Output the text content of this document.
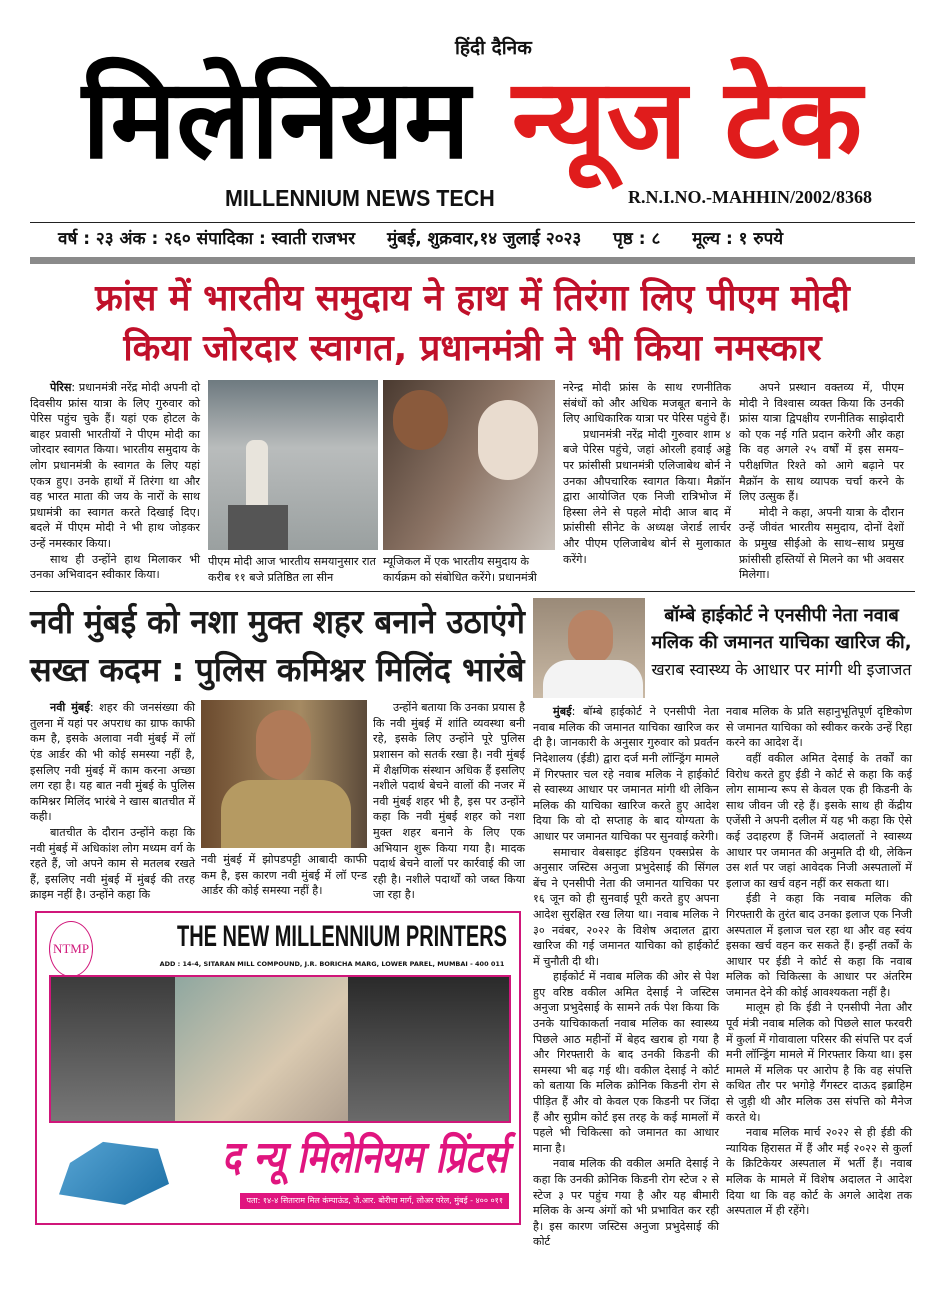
हिंदी दैनिक
मिलेनियम न्यूज टेक
MILLENNIUM NEWS TECH	R.N.I.NO.-MAHHIN/2002/8368
वर्ष : २३ अंक : २६० संपादिका : स्वाती राजभर मुंबई, शुक्रवार,१४ जुलाई २०२३ पृष्ठ : ८ मूल्य : १ रुपये
फ्रांस में भारतीय समुदाय ने हाथ में तिरंगा लिए पीएम मोदी
किया जोरदार स्वागत, प्रधानमंत्री ने भी किया नमस्कार

पेरिस: प्रधानमंत्री नरेंद्र मोदी अपनी दो दिवसीय फ्रांस यात्रा के लिए गुरुवार को पेरिस पहुंच चुके हैं। यहां एक होटल के बाहर प्रवासी भारतीयों ने पीएम मोदी का जोरदार स्वागत किया। भारतीय समुदाय के लोग प्रधानमंत्री के स्वागत के लिए यहां एकत्र हुए। उनके हाथों में तिरंगा था और वह भारत माता की जय के नारों के साथ प्रधामंत्री का स्वागत करते दिखाई दिए। बदले में पीएम मोदी ने भी हाथ जोड़कर उन्हें नमस्कार किया।

साथ ही उन्होंने हाथ मिलाकर भी उनका अभिवादन स्वीकार किया।

पीएम मोदी आज भारतीय समयानुसार रात करीब ११ बजे प्रतिष्ठित ला सीन
म्यूजिकल में एक भारतीय समुदाय के कार्यक्रम को संबोधित करेंगे। प्रधानमंत्री

नरेन्द्र मोदी फ्रांस के साथ रणनीतिक संबंधों को और अधिक मजबूत बनाने के लिए आधिकारिक यात्रा पर पेरिस पहुंचे हैं।

प्रधानमंत्री नरेंद्र मोदी गुरुवार शाम ४ बजे पेरिस पहुंचे, जहां ओरली हवाई अड्डे पर फ्रांसीसी प्रधानमंत्री एलिजाबेथ बोर्न ने उनका औपचारिक स्वागत किया। मैक्रॉन द्वारा आयोजित एक निजी रात्रिभोज में हिस्सा लेने से पहले मोदी आज बाद में फ्रांसीसी सीनेट के अध्यक्ष जेरार्ड लार्चर और पीएम एलिजाबेथ बोर्न से मुलाकात करेंगे।

अपने प्रस्थान वक्तव्य में, पीएम मोदी ने विश्वास व्यक्त किया कि उनकी फ्रांस यात्रा द्विपक्षीय रणनीतिक साझेदारी को एक नई गति प्रदान करेगी और कहा कि वह अगले २५ वर्षों में इस समय–परीक्षणित रिश्ते को आगे बढ़ाने पर मैक्रॉन के साथ व्यापक चर्चा करने के लिए उत्सुक हैं।

मोदी ने कहा, अपनी यात्रा के दौरान उन्हें जीवंत भारतीय समुदाय, दोनों देशों के प्रमुख सीईओ के साथ–साथ प्रमुख फ्रांसीसी हस्तियों से मिलने का भी अवसर मिलेगा।

नवी मुंबई को नशा मुक्त शहर बनाने उठाएंगे
सख्त कदम : पुलिस कमिश्नर मिलिंद भारंबे

नवी मुंबई: शहर की जनसंख्या की तुलना में यहां पर अपराध का ग्राफ काफी कम है, इसके अलावा नवी मुंबई में लॉ एंड आर्डर की भी कोई समस्या नहीं है, इसलिए नवी मुंबई में काम करना अच्छा लग रहा है। यह बात नवी मुंबई के पुलिस कमिश्नर मिलिंद भारंबे ने खास बातचीत में कही।

बातचीत के दौरान उन्होंने कहा कि नवी मुंबई में अधिकांश लोग मध्यम वर्ग के रहते हैं, जो अपने काम से मतलब रखते हैं, इसलिए नवी मुंबई में मुंबई की तरह क्राइम नहीं है। उन्होंने कहा कि

नवी मुंबई में झोपडपट्टी आबादी काफी कम है, इस कारण नवी मुंबई में लॉ एन्ड आर्डर की कोई समस्या नहीं है।

उन्होंने बताया कि उनका प्रयास है कि नवी मुंबई में शांति व्यवस्था बनी रहे, इसके लिए उन्होंने पूरे पुलिस प्रशासन को सतर्क रखा है। नवी मुंबई में शैक्षणिक संस्थान अधिक हैं इसलिए नशीले पदार्थ बेचने वालों की नजर में नवी मुंबई शहर भी है, इस पर उन्होंने कहा कि नवी मुंबई शहर को नशा मुक्त शहर बनाने के लिए एक अभियान शुरू किया गया है। मादक पदार्थ बेचने वालों पर कार्रवाई की जा रही है। नशीले पदार्थों को जब्त किया जा रहा है।

NTMP	THE NEW MILLENNIUM PRINTERS
ADD : 14-4, SITARAN MILL COMPOUND, J.R. BORICHA MARG, LOWER PAREL, MUMBAI - 400 011
द न्यू मिलेनियम प्रिंटर्स
पता: १४-४ सिताराम मिल कंम्पाऊंड, जे.आर. बोरीचा मार्ग, लोअर परेल, मुंबई - ४०० ०११
बॉम्बे हाईकोर्ट ने एनसीपी नेता नवाब
मलिक की जमानत याचिका खारिज की,
खराब स्वास्थ्य के आधार पर मांगी थी इजाजत

मुंबई: बॉम्बे हाईकोर्ट ने एनसीपी नेता नवाब मलिक की जमानत याचिका खारिज कर दी है। जानकारी के अनुसार गुरुवार को प्रवर्तन निदेशालय (ईडी) द्वारा दर्ज मनी लॉन्ड्रिंग मामले में गिरफ्तार चल रहे नवाब मलिक ने हाईकोर्ट से स्वास्थ्य आधार पर जमानत मांगी थी लेकिन मलिक की याचिका खारिज करते हुए आदेश दिया कि वो दो सप्ताह के बाद योग्यता के आधार पर जमानत याचिका पर सुनवाई करेगी।

समाचार वेबसाइट इंडियन एक्सप्रेस के अनुसार जस्टिस अनुजा प्रभुदेसाई की सिंगल बेंच ने एनसीपी नेता की जमानत याचिका पर १६ जून को ही सुनवाई पूरी करते हुए अपना आदेश सुरक्षित रख लिया था। नवाब मलिक ने ३० नवंबर, २०२२ के विशेष अदालत द्वारा खारिज की गई जमानत याचिका को हाईकोर्ट में चुनौती दी थी।

हाईकोर्ट में नवाब मलिक की ओर से पेश हुए वरिष्ठ वकील अमित देसाई ने जस्टिस अनुजा प्रभुदेसाई के सामने तर्क पेश किया कि उनके याचिकाकर्ता नवाब मलिक का स्वास्थ्य पिछले आठ महीनों में बेहद खराब हो गया है और गिरफ्तारी के बाद उनकी किडनी की समस्या भी बढ़ गई थी। वकील देसाई ने कोर्ट को बताया कि मलिक क्रोनिक किडनी रोग से पीड़ित हैं और वो केवल एक किडनी पर जिंदा हैं और सुप्रीम कोर्ट इस तरह के कई मामलों में पहले भी चिकित्सा को जमानत का आधार माना है।

नवाब मलिक की वकील अमति देसाई ने कहा कि उनकी क्रोनिक किडनी रोग स्टेज २ से स्टेज ३ पर पहुंच गया है और यह बीमारी मलिक के अन्य अंगों को भी प्रभावित कर रही है। इस कारण जस्टिस अनुजा प्रभुदेसाई की कोर्ट

नवाब मलिक के प्रति सहानुभूतिपूर्ण दृष्टिकोण से जमानत याचिका को स्वीकर करके उन्हें रिहा करने का आदेश दें।

वहीं वकील अमित देसाई के तर्कों का विरोध करते हुए ईडी ने कोर्ट से कहा कि कई लोग सामान्य रूप से केवल एक ही किडनी के साथ जीवन जी रहे हैं। इसके साथ ही केंद्रीय एजेंसी ने अपनी दलील में यह भी कहा कि ऐसे कई उदाहरण हैं जिनमें अदालतों ने स्वास्थ्य आधार पर जमानत की अनुमति दी थी, लेकिन उस शर्त पर जहां आवेदक निजी अस्पतालों में इलाज का खर्च वहन नहीं कर सकता था।

ईडी ने कहा कि नवाब मलिक की गिरफ्तारी के तुरंत बाद उनका इलाज एक निजी अस्पताल में इलाज चल रहा था और वह स्वंय इसका खर्च वहन कर सकते हैं। इन्हीं तर्कों के आधार पर ईडी ने कोर्ट से कहा कि नवाब मलिक को चिकित्सा के आधार पर अंतरिम जमानत देने की कोई आवश्यकता नहीं है।

मालूम हो कि ईडी ने एनसीपी नेता और पूर्व मंत्री नवाब मलिक को पिछले साल फरवरी में कुर्ला में गोवावाला परिसर की संपत्ति पर दर्ज मनी लॉन्ड्रिंग मामले में गिरफ्तार किया था। इस मामले में मलिक पर आरोप है कि वह संपत्ति कथित तौर पर भगोड़े गैंगस्टर दाऊद इब्राहिम से जुड़ी थी और मलिक उस संपत्ति को मैनेज करते थे।

नवाब मलिक मार्च २०२२ से ही ईडी की न्यायिक हिरासत में हैं और मई २०२२ से कुर्ला के क्रिटिकेयर अस्पताल में भर्ती हैं। नवाब मलिक के मामले में विशेष अदालत ने आदेश दिया था कि वह कोर्ट के अगले आदेश तक अस्पताल में ही रहेंगे।
